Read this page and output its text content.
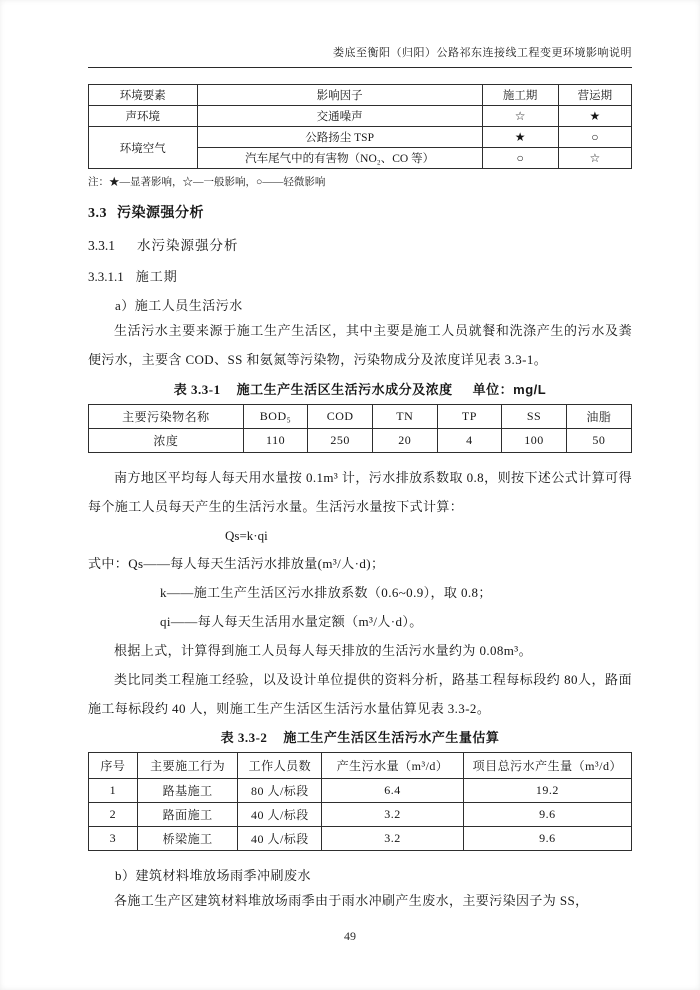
娄底至衡阳（归阳）公路祁东连接线工程变更环境影响说明
环境要素	影响因子	施工期	营运期
声环境	交通噪声	☆	★
环境空气	公路扬尘 TSP	★	○
	汽车尾气中的有害物（NO₂、CO 等）	○	☆
注：★—显著影响，☆—一般影响，○——轻微影响
3.3 污染源强分析
3.3.1 水污染源强分析
3.3.1.1 施工期
a）施工人员生活污水

生活污水主要来源于施工生产生活区，其中主要是施工人员就餐和洗涤产生的污水及粪便污水，主要含 COD、SS 和氨氮等污染物，污染物成分及浓度详见表 3.3-1。

表 3.3-1 施工生产生活区生活污水成分及浓度 单位：mg/L
主要污染物名称	BOD₅	COD	TN	TP	SS	油脂
浓度	110	250	20	4	100	50

南方地区平均每人每天用水量按 0.1m³ 计，污水排放系数取 0.8，则按下述公式计算可得每个施工人员每天产生的生活污水量。生活污水量按下式计算：

Qs=k·qi
式中：Qs——每人每天生活污水排放量(m³/人·d)；
k——施工生产生活区污水排放系数（0.6~0.9），取 0.8；
qi——每人每天生活用水量定额（m³/人·d）。

根据上式，计算得到施工人员每人每天排放的生活污水量约为 0.08m³。

类比同类工程施工经验，以及设计单位提供的资料分析，路基工程每标段约 80人，路面施工每标段约 40 人，则施工生产生活区生活污水量估算见表 3.3-2。

表 3.3-2 施工生产生活区生活污水产生量估算
序号	主要施工行为	工作人员数	产生污水量（m³/d）	项目总污水产生量（m³/d）
1	路基施工	80 人/标段	6.4	19.2
2	路面施工	40 人/标段	3.2	9.6
3	桥梁施工	40 人/标段	3.2	9.6
b）建筑材料堆放场雨季冲刷废水

各施工生产区建筑材料堆放场雨季由于雨水冲刷产生废水，主要污染因子为 SS，

49
